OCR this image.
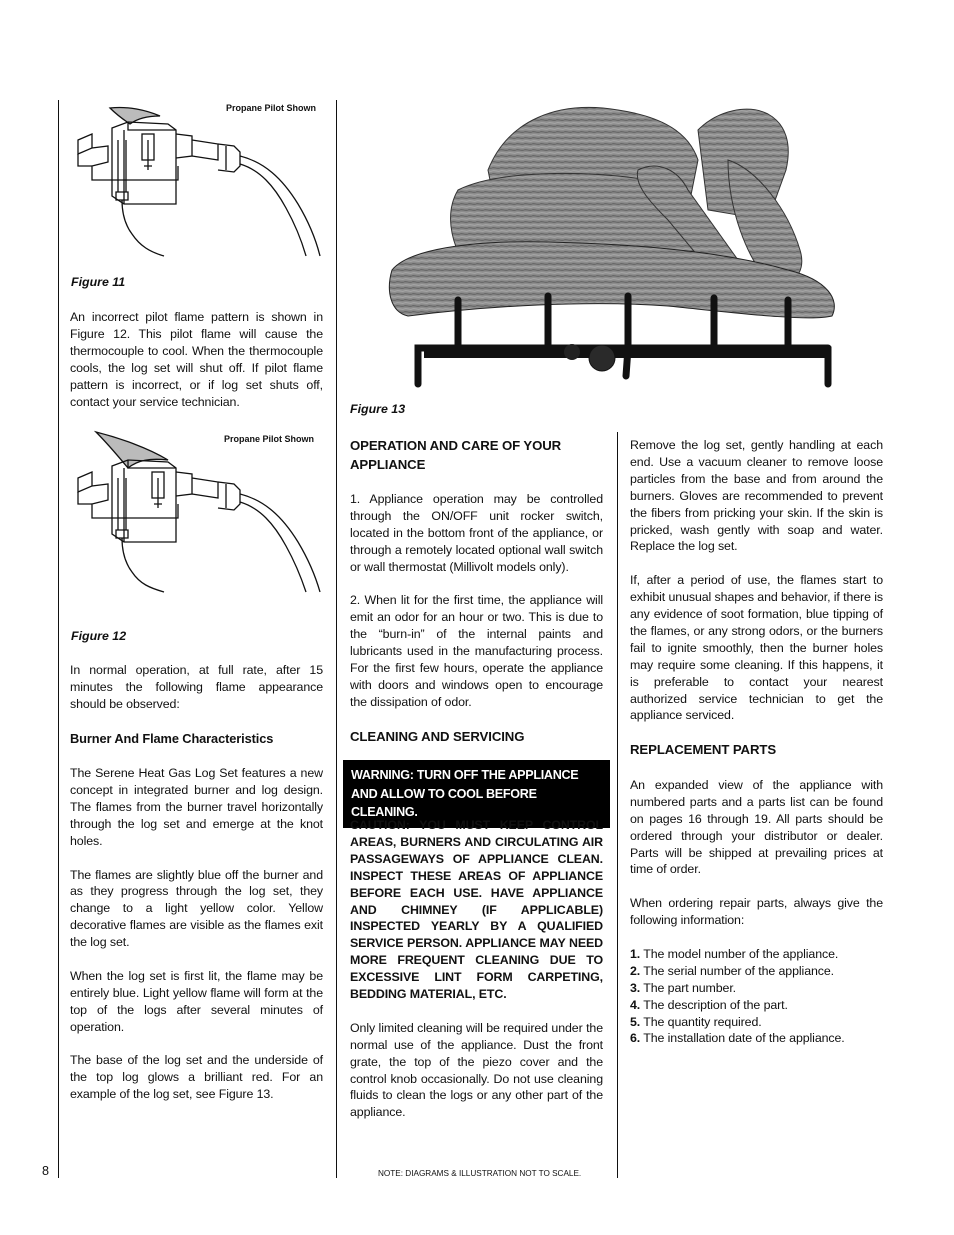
Propane Pilot Shown
Figure 11

An incorrect pilot flame pattern is shown in Figure 12. This pilot flame will cause the thermocouple to cool. When the thermocouple cools, the log set will shut off. If pilot flame pattern is incorrect, or if log set shuts off, contact your service technician.

Propane Pilot Shown
Figure 12

In normal operation, at full rate, after 15 minutes the following flame appearance should be observed:

Burner And Flame Characteristics

The Serene Heat Gas Log Set features a new concept in integrated burner and log design. The flames from the burner travel horizontally through the log set and emerge at the knot holes.

The flames are slightly blue off the burner and as they progress through the log set, they change to a light yellow color. Yellow decorative flames are visible as the flames exit the log set.

When the log set is first lit, the flame may be entirely blue. Light yellow flame will form at the top of the logs after several minutes of operation.

The base of the log set and the underside of the top log glows a brilliant red. For an example of the log set, see Figure 13.

Figure 13
OPERATION AND CARE OF YOUR APPLIANCE

1. Appliance operation may be controlled through the ON/OFF unit rocker switch, located in the bottom front of the appliance, or through a remotely located optional wall switch or wall thermostat (Millivolt models only).

2. When lit for the first time, the appliance will emit an odor for an hour or two. This is due to the “burn-in” of the internal paints and lubricants used in the manufacturing process. For the first few hours, operate the appliance with doors and windows open to encourage the dissipation of odor.

CLEANING AND SERVICING
WARNING: TURN OFF THE APPLIANCE AND ALLOW TO COOL BEFORE CLEANING.

CAUTION: YOU MUST KEEP CONTROL AREAS, BURNERS AND CIRCULATING AIR PASSAGEWAYS OF APPLIANCE CLEAN. INSPECT THESE AREAS OF APPLIANCE BEFORE EACH USE. HAVE APPLIANCE AND CHIMNEY (IF APPLICABLE) INSPECTED YEARLY BY A QUALIFIED SERVICE PERSON. APPLIANCE MAY NEED MORE FREQUENT CLEANING DUE TO EXCESSIVE LINT FORM CARPETING, BEDDING MATERIAL, ETC.

Only limited cleaning will be required under the normal use of the appliance. Dust the front grate, the top of the piezo cover and the control knob occasionally. Do not use cleaning fluids to clean the logs or any other part of the appliance.

Remove the log set, gently handling at each end. Use a vacuum cleaner to remove loose particles from the base and from around the burners. Gloves are recommended to prevent the fibers from pricking your skin. If the skin is pricked, wash gently with soap and water. Replace the log set.

If, after a period of use, the flames start to exhibit unusual shapes and behavior, if there is any evidence of soot formation, blue tipping of the flames, or any strong odors, or the burners fail to ignite smoothly, then the burner holes may require some cleaning. If this happens, it is preferable to contact your nearest authorized service technician to get the appliance serviced.

REPLACEMENT PARTS

An expanded view of the appliance with numbered parts and a parts list can be found on pages 16 through 19. All parts should be ordered through your distributor or dealer. Parts will be shipped at prevailing prices at time of order.

When ordering repair parts, always give the following information:

1. The model number of the appliance.
2. The serial number of the appliance.
3. The part number.
4. The description of the part.
5. The quantity required.
6. The installation date of the appliance.
8	NOTE: DIAGRAMS & ILLUSTRATION NOT TO SCALE.
